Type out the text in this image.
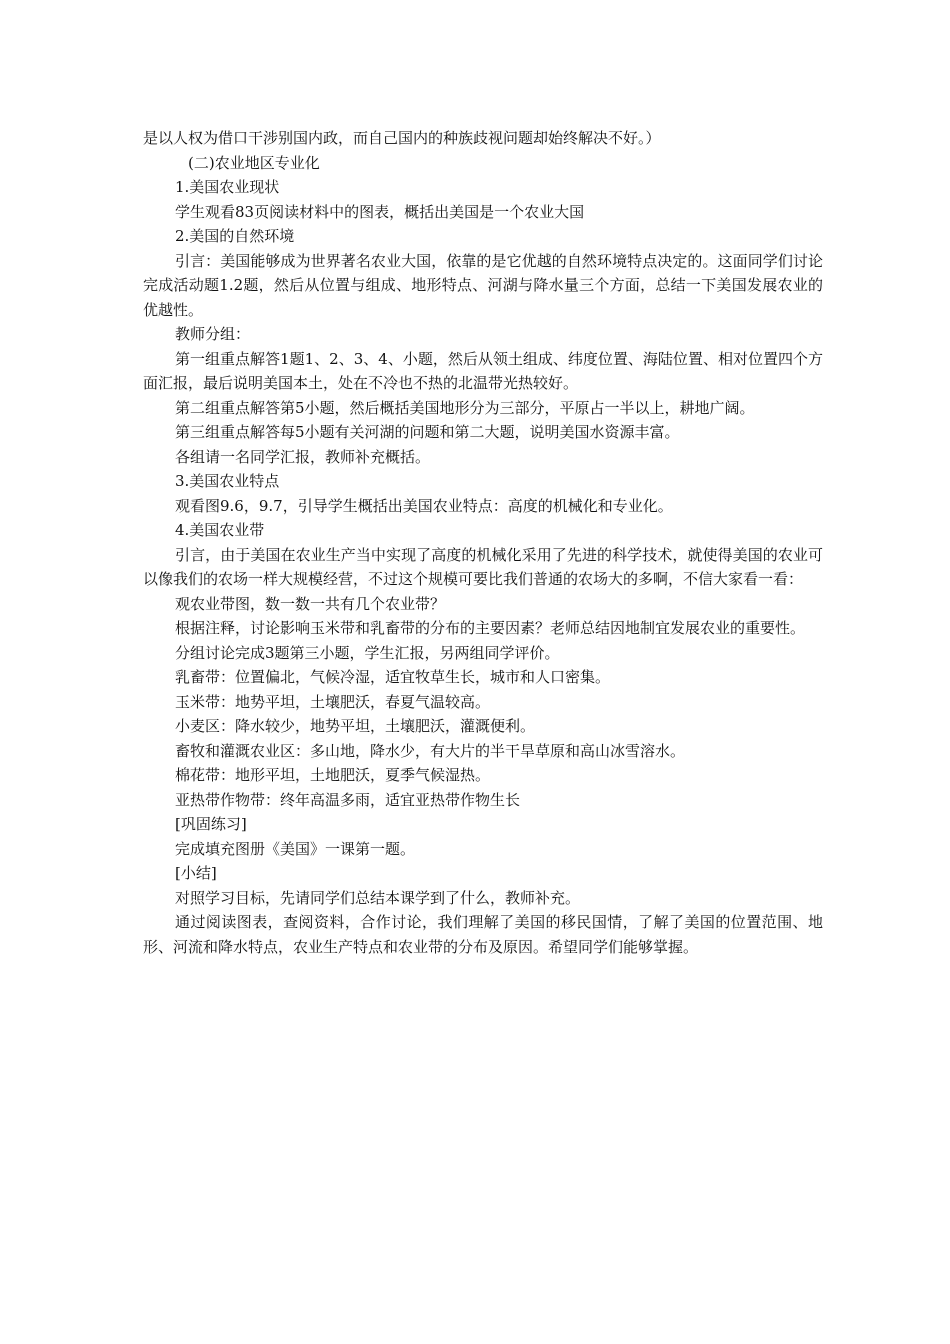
是以人权为借口干涉别国内政，而自己国内的种族歧视问题却始终解决不好。）

(二)农业地区专业化

1.美国农业现状

学生观看83页阅读材料中的图表，概括出美国是一个农业大国

2.美国的自然环境

引言：美国能够成为世界著名农业大国，依靠的是它优越的自然环境特点决定的。这面同学们讨论完成活动题1.2题，然后从位置与组成、地形特点、河湖与降水量三个方面，总结一下美国发展农业的优越性。

教师分组：

第一组重点解答1题1、2、3、4、小题，然后从领土组成、纬度位置、海陆位置、相对位置四个方面汇报，最后说明美国本土，处在不冷也不热的北温带光热较好。

第二组重点解答第5小题，然后概括美国地形分为三部分，平原占一半以上，耕地广阔。

第三组重点解答每5小题有关河湖的问题和第二大题，说明美国水资源丰富。

各组请一名同学汇报，教师补充概括。

3.美国农业特点

观看图9.6，9.7，引导学生概括出美国农业特点：高度的机械化和专业化。

4.美国农业带

引言，由于美国在农业生产当中实现了高度的机械化采用了先进的科学技术，就使得美国的农业可以像我们的农场一样大规模经营，不过这个规模可要比我们普通的农场大的多啊，不信大家看一看：

观农业带图，数一数一共有几个农业带？

根据注释，讨论影响玉米带和乳畜带的分布的主要因素？老师总结因地制宜发展农业的重要性。

分组讨论完成3题第三小题，学生汇报，另两组同学评价。

乳畜带：位置偏北，气候冷湿，适宜牧草生长，城市和人口密集。

玉米带：地势平坦，土壤肥沃，春夏气温较高。

小麦区：降水较少，地势平坦，土壤肥沃，灌溉便利。

畜牧和灌溉农业区：多山地，降水少，有大片的半干旱草原和高山冰雪溶水。

棉花带：地形平坦，土地肥沃，夏季气候湿热。

亚热带作物带：终年高温多雨，适宜亚热带作物生长

[巩固练习]

完成填充图册《美国》一课第一题。

[小结]

对照学习目标，先请同学们总结本课学到了什么，教师补充。

通过阅读图表，查阅资料，合作讨论，我们理解了美国的移民国情，了解了美国的位置范围、地形、河流和降水特点，农业生产特点和农业带的分布及原因。希望同学们能够掌握。
